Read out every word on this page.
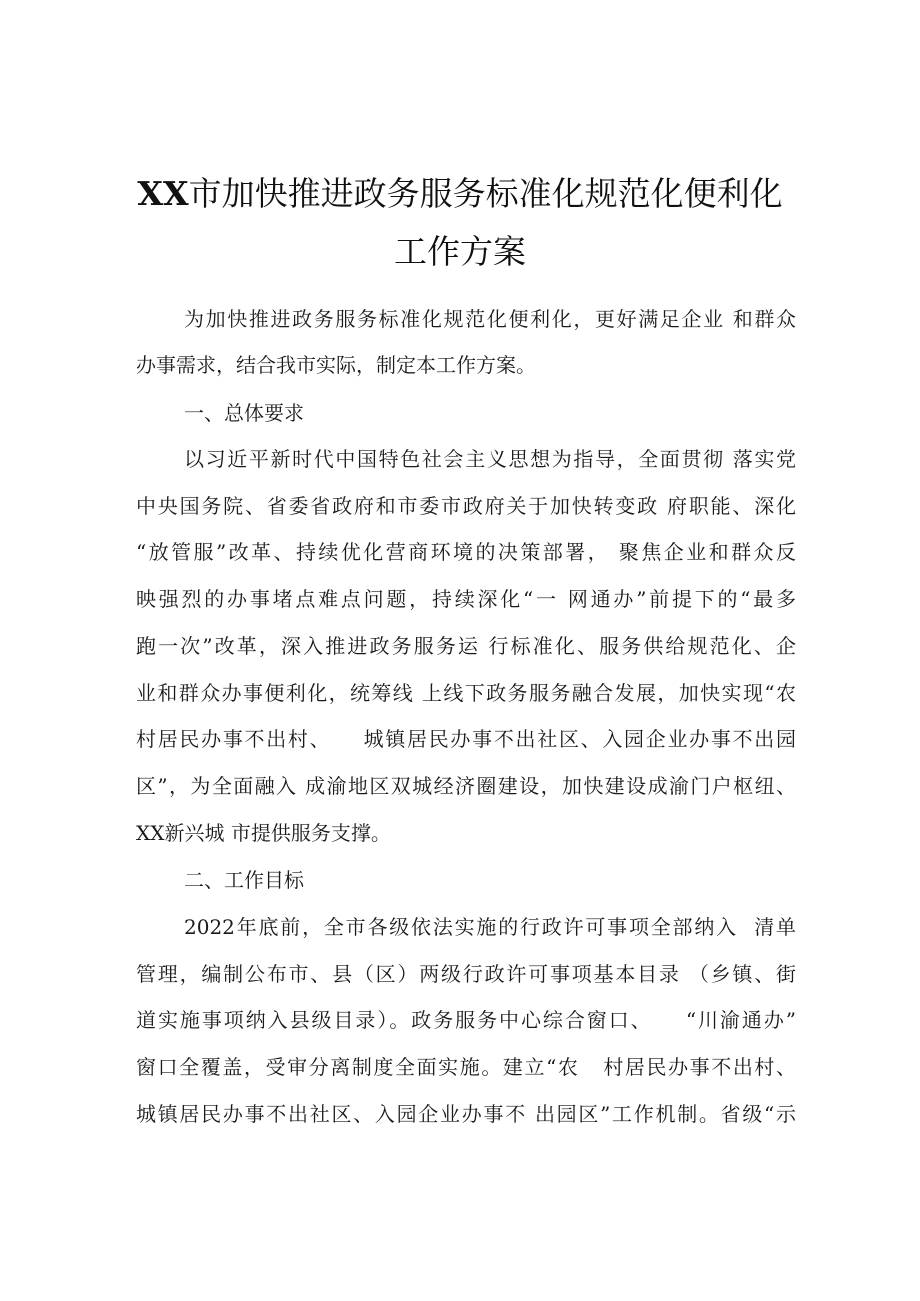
XX市加快推进政务服务标准化规范化便利化
工作方案
为加快推进政务服务标准化规范化便利化，更好满足企业 和群众
办事需求，结合我市实际，制定本工作方案。
一、总体要求
以习近平新时代中国特色社会主义思想为指导，全面贯彻 落实党
中央国务院、省委省政府和市委市政府关于加快转变政 府职能、深化
“放管服”改革、持续优化营商环境的决策部署， 聚焦企业和群众反
映强烈的办事堵点难点问题，持续深化“一 网通办”前提下的“最多
跑一次”改革，深入推进政务服务运 行标准化、服务供给规范化、企
业和群众办事便利化，统筹线 上线下政务服务融合发展，加快实现“农
村居民办事不出村、    城镇居民办事不出社区、入园企业办事不出园
区”，为全面融入 成渝地区双城经济圈建设，加快建设成渝门户枢纽、
XX新兴城 市提供服务支撑。
二、工作目标
2022年底前，全市各级依法实施的行政许可事项全部纳入  清单
管理，编制公布市、县（区）两级行政许可事项基本目录 （乡镇、街
道实施事项纳入县级目录）。政务服务中心综合窗口、    “川渝通办”
窗口全覆盖，受审分离制度全面实施。建立“农   村居民办事不出村、
城镇居民办事不出社区、入园企业办事不 出园区”工作机制。省级“示
